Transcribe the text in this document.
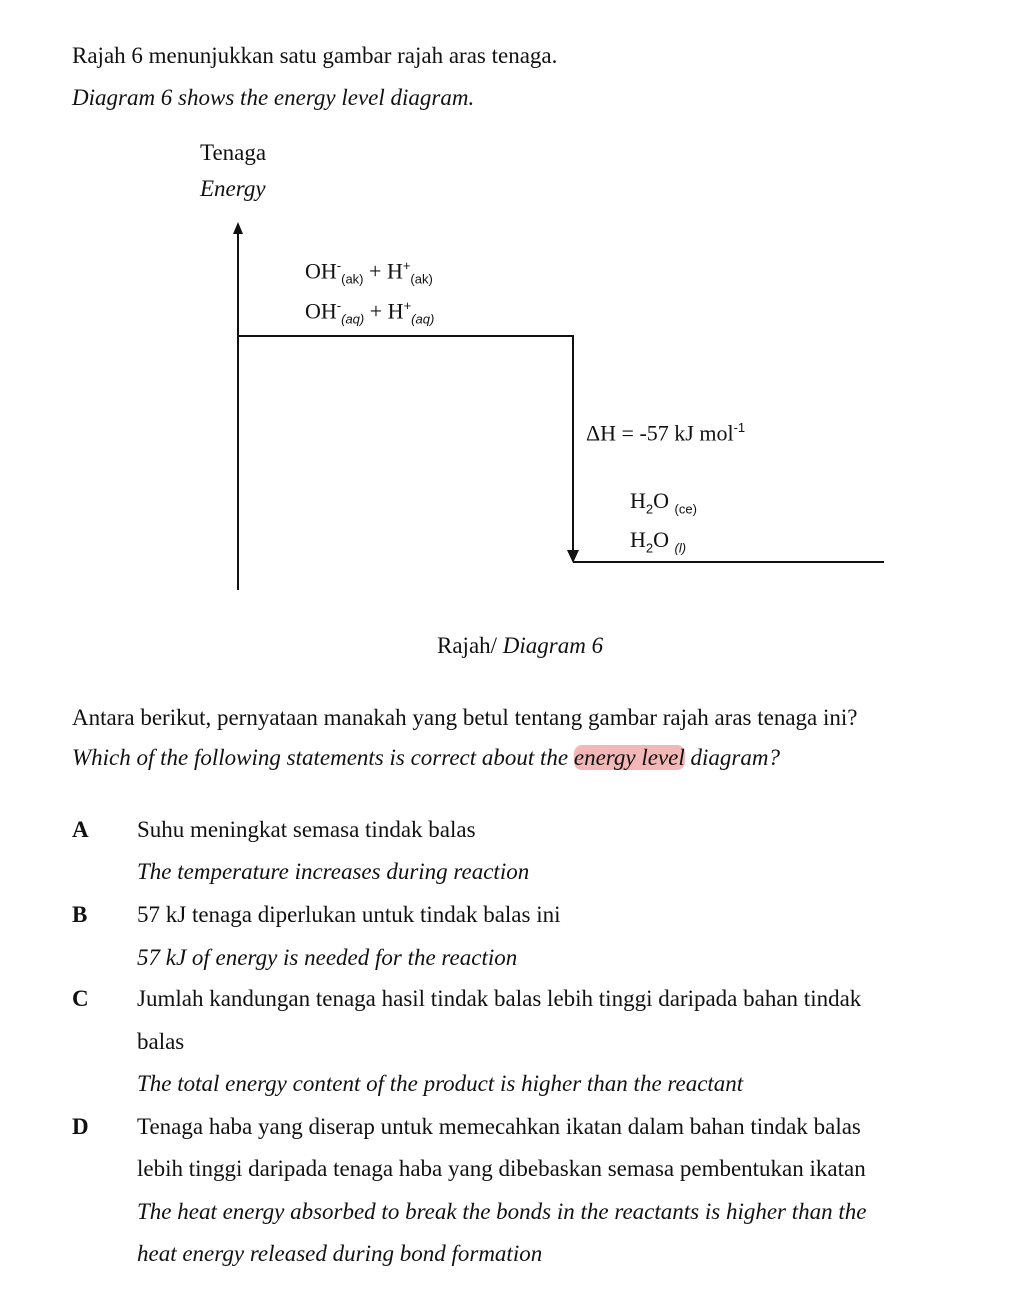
Rajah 6 menunjukkan satu gambar rajah aras tenaga.
Diagram 6 shows the energy level diagram.
Tenaga
Energy
$OH^-_{(ak)} + H^+_{(ak)}$
$OH^-_{(aq)} + H^+_{(aq)}$
ΔH = -57 kJ mol$^{-1}$
$H_2O$ $_{(ce)}$
$H_2O$ $_{(l)}$
Rajah/ Diagram 6
Antara berikut, pernyataan manakah yang betul tentang gambar rajah aras tenaga ini?
Which of the following statements is correct about the energy level diagram?
A Suhu meningkat semasa tindak balas
The temperature increases during reaction
B 57 kJ tenaga diperlukan untuk tindak balas ini
57 kJ of energy is needed for the reaction
C Jumlah kandungan tenaga hasil tindak balas lebih tinggi daripada bahan tindak
balas
The total energy content of the product is higher than the reactant
D Tenaga haba yang diserap untuk memecahkan ikatan dalam bahan tindak balas
lebih tinggi daripada tenaga haba yang dibebaskan semasa pembentukan ikatan
The heat energy absorbed to break the bonds in the reactants is higher than the
heat energy released during bond formation
